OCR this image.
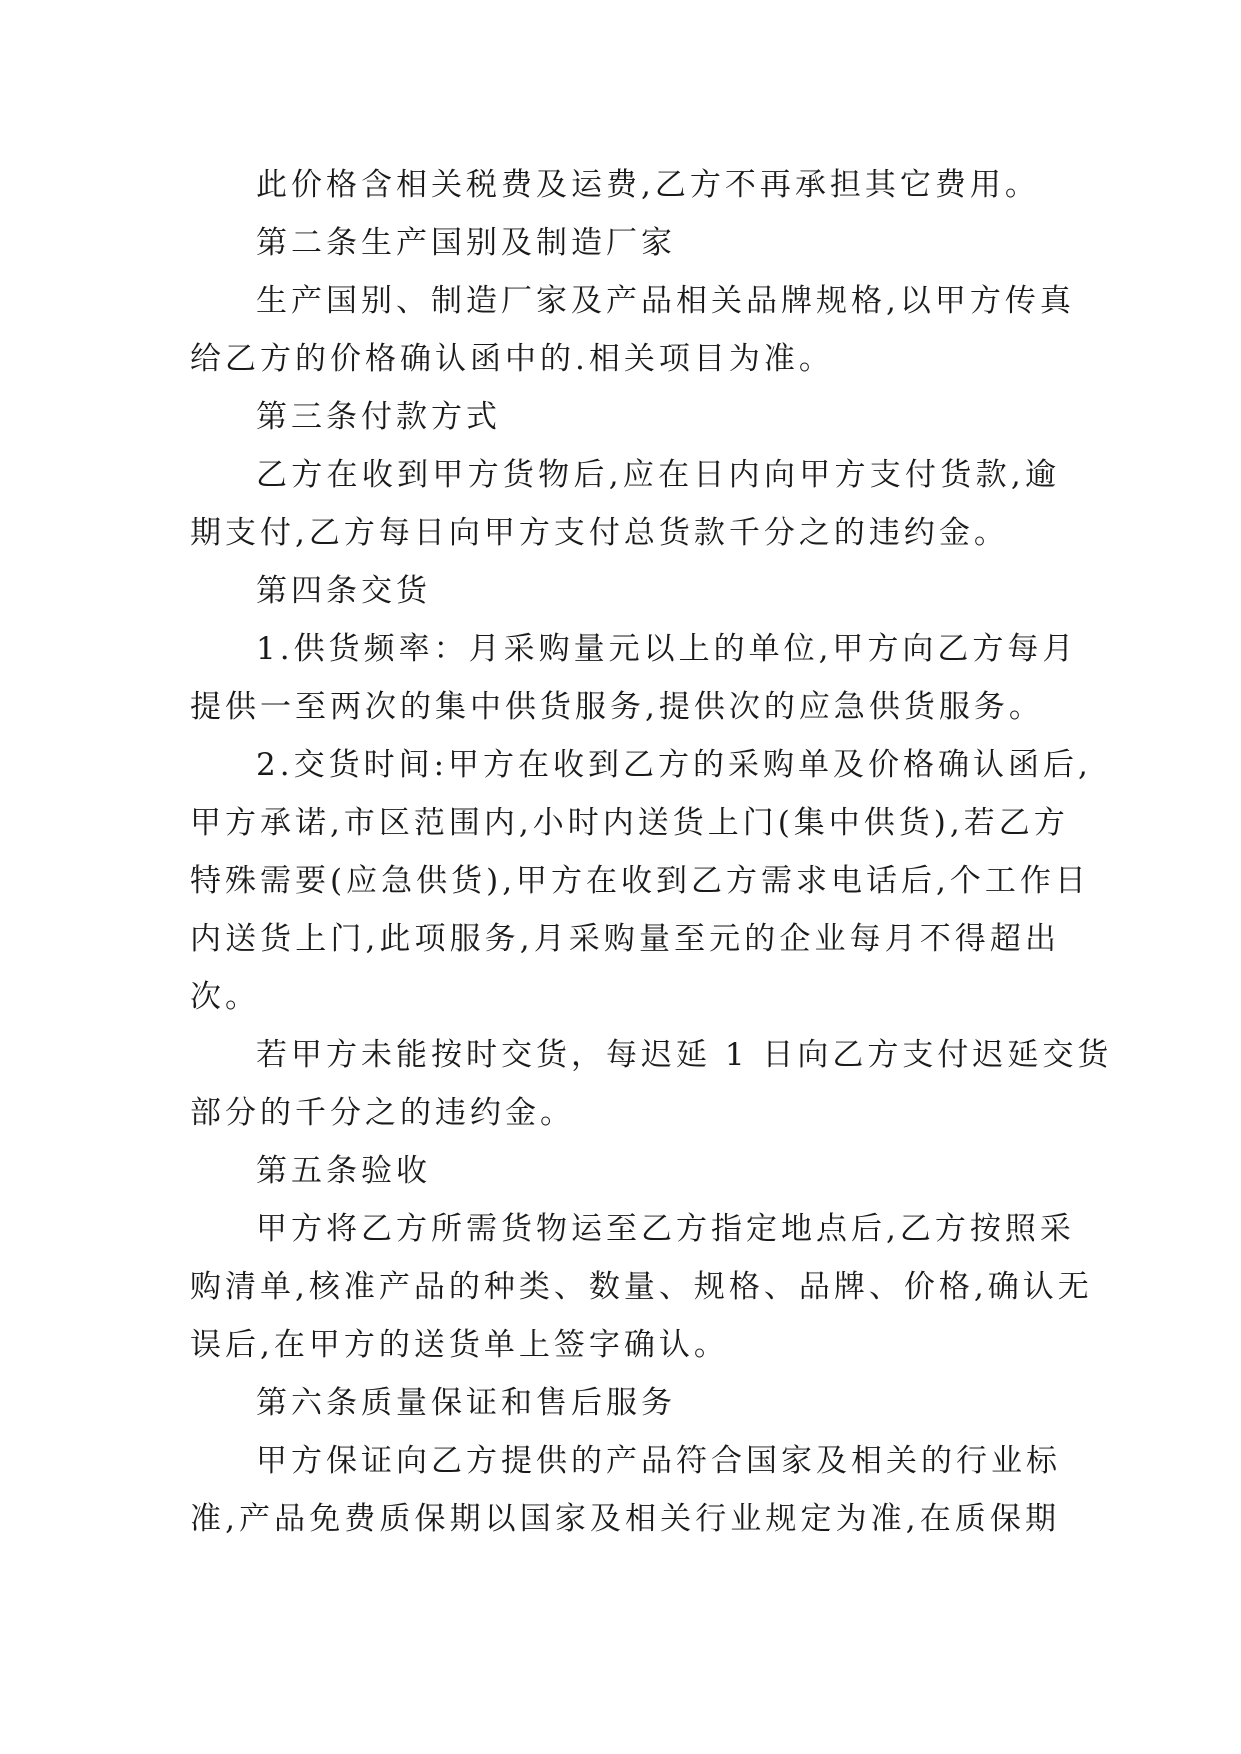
此价格含相关税费及运费,乙方不再承担其它费用。
第二条生产国别及制造厂家
生产国别、制造厂家及产品相关品牌规格,以甲方传真
给乙方的价格确认函中的.相关项目为准。
第三条付款方式
乙方在收到甲方货物后,应在日内向甲方支付货款,逾
期支付,乙方每日向甲方支付总货款千分之的违约金。
第四条交货
1.供货频率：月采购量元以上的单位,甲方向乙方每月
提供一至两次的集中供货服务,提供次的应急供货服务。
2.交货时间:甲方在收到乙方的采购单及价格确认函后,
甲方承诺,市区范围内,小时内送货上门(集中供货),若乙方
特殊需要(应急供货),甲方在收到乙方需求电话后,个工作日
内送货上门,此项服务,月采购量至元的企业每月不得超出
次。
若甲方未能按时交货，每迟延 1 日向乙方支付迟延交货
部分的千分之的违约金。
第五条验收
甲方将乙方所需货物运至乙方指定地点后,乙方按照采
购清单,核准产品的种类、数量、规格、品牌、价格,确认无
误后,在甲方的送货单上签字确认。
第六条质量保证和售后服务
甲方保证向乙方提供的产品符合国家及相关的行业标
准,产品免费质保期以国家及相关行业规定为准,在质保期
